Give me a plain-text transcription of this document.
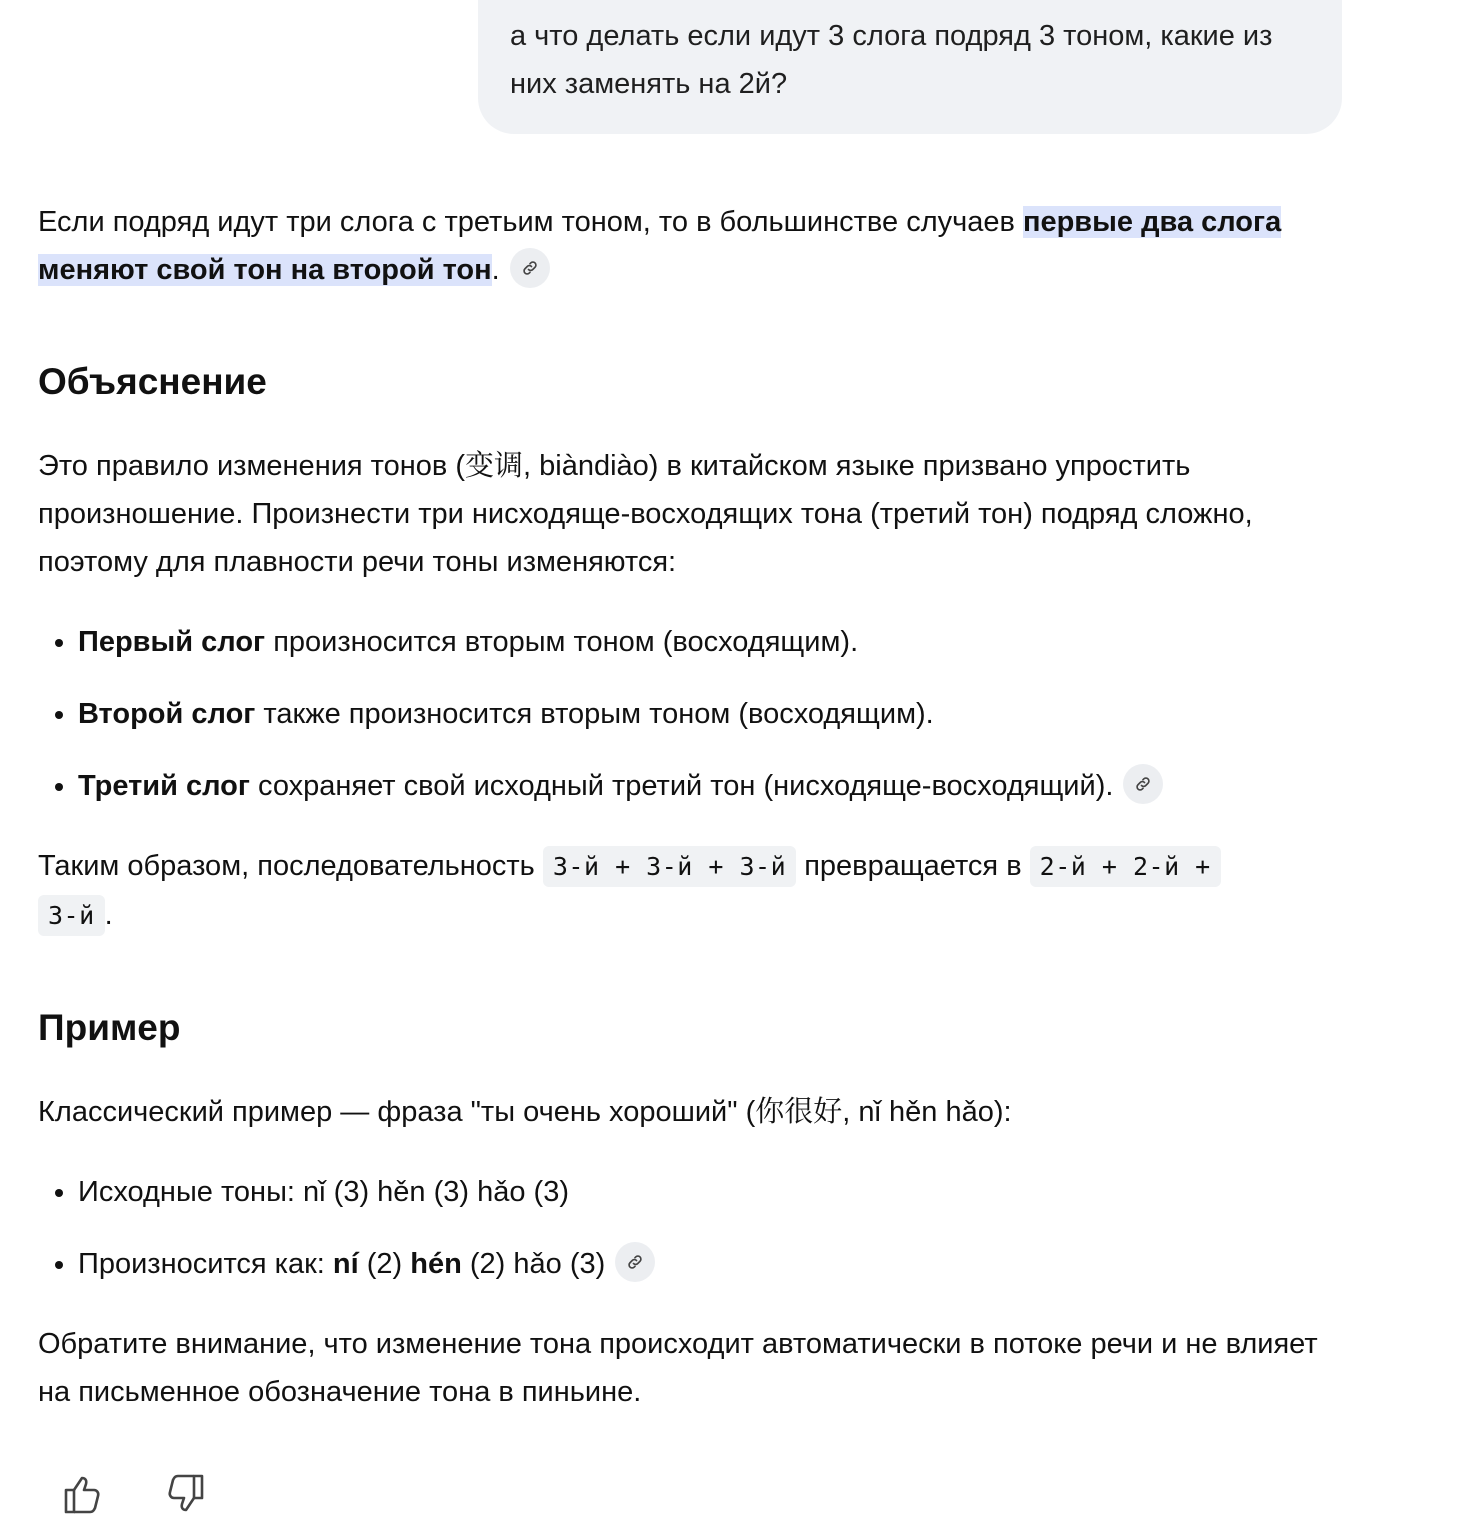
а что делать если идут 3 слога подряд 3 тоном, какие из них заменять на 2й?

Если подряд идут три слога с третьим тоном, то в большинстве случаев первые два слога меняют свой тон на второй тон.

Объяснение

Это правило изменения тонов (变调, biàndiào) в китайском языке призвано упростить произношение. Произнести три нисходяще-восходящих тона (третий тон) подряд сложно, поэтому для плавности речи тоны изменяются:

• Первый слог произносится вторым тоном (восходящим).
• Второй слог также произносится вторым тоном (восходящим).
• Третий слог сохраняет свой исходный третий тон (нисходяще-восходящий).

Таким образом, последовательность 3-й + 3-й + 3-й превращается в 2-й + 2-й +
3-й .

Пример

Классический пример — фраза "ты очень хороший" (你很好, nǐ hěn hǎo):

• Исходные тоны: nǐ (3) hěn (3) hǎo (3)
• Произносится как: ní (2) hén (2) hǎo (3)

Обратите внимание, что изменение тона происходит автоматически в потоке речи и не влияет на письменное обозначение тона в пиньине.
